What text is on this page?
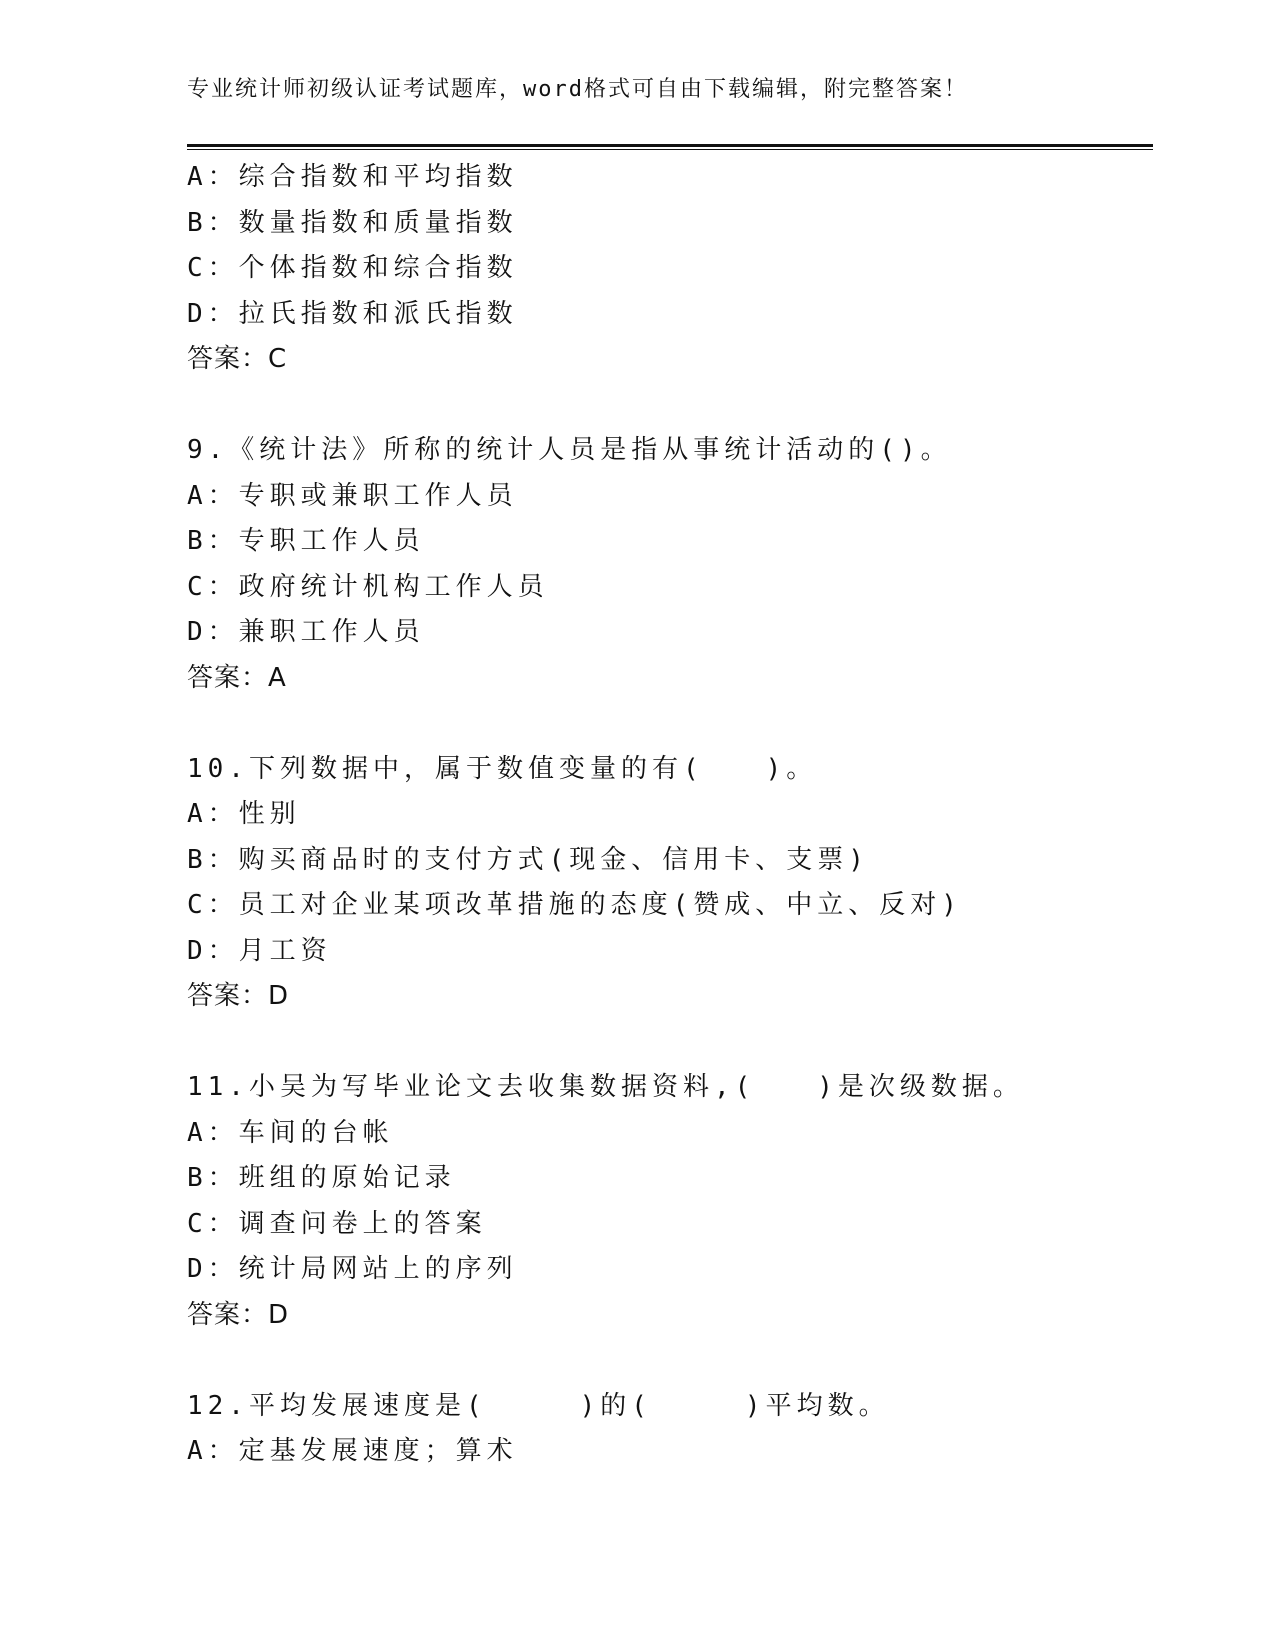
专业统计师初级认证考试题库，word格式可自由下载编辑，附完整答案！
A：综合指数和平均指数
B：数量指数和质量指数
C：个体指数和综合指数
D：拉氏指数和派氏指数
答案：C
9.《统计法》所称的统计人员是指从事统计活动的()。
A：专职或兼职工作人员
B：专职工作人员
C：政府统计机构工作人员
D：兼职工作人员
答案：A
10.下列数据中，属于数值变量的有(　　)。
A：性别
B：购买商品时的支付方式(现金、信用卡、支票)
C：员工对企业某项改革措施的态度(赞成、中立、反对)
D：月工资
答案：D
11.小吴为写毕业论文去收集数据资料,(　　)是次级数据。
A：车间的台帐
B：班组的原始记录
C：调查问卷上的答案
D：统计局网站上的序列
答案：D
12.平均发展速度是(　　　)的(　　　)平均数。
A：定基发展速度；算术
